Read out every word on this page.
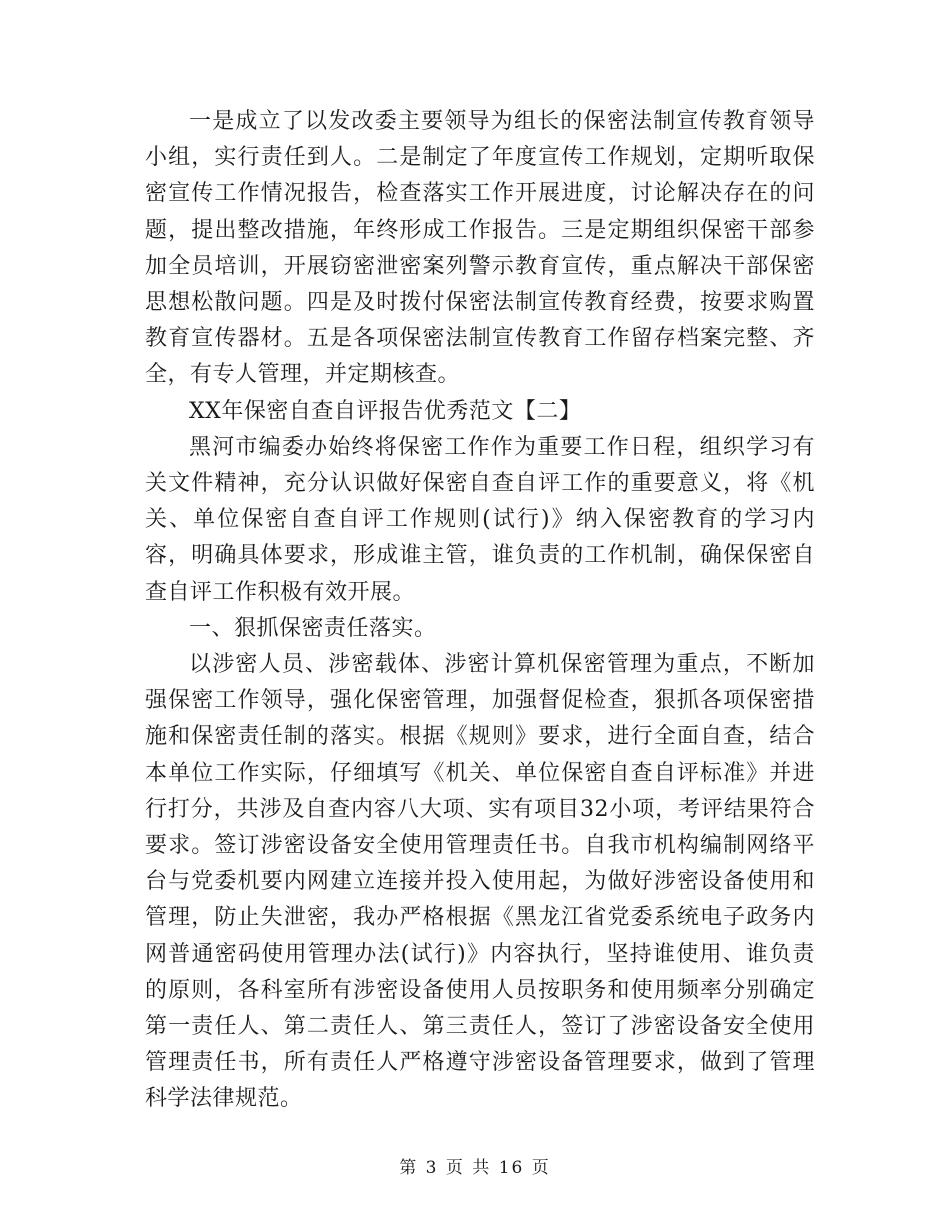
一是成立了以发改委主要领导为组长的保密法制宣传教育领导小组，实行责任到人。二是制定了年度宣传工作规划，定期听取保密宣传工作情况报告，检查落实工作开展进度，讨论解决存在的问题，提出整改措施，年终形成工作报告。三是定期组织保密干部参加全员培训，开展窃密泄密案列警示教育宣传，重点解决干部保密思想松散问题。四是及时拨付保密法制宣传教育经费，按要求购置教育宣传器材。五是各项保密法制宣传教育工作留存档案完整、齐全，有专人管理，并定期核查。

XX年保密自查自评报告优秀范文【二】

黑河市编委办始终将保密工作作为重要工作日程，组织学习有关文件精神，充分认识做好保密自查自评工作的重要意义，将《机关、单位保密自查自评工作规则(试行)》纳入保密教育的学习内容，明确具体要求，形成谁主管，谁负责的工作机制，确保保密自查自评工作积极有效开展。

一、狠抓保密责任落实。

以涉密人员、涉密载体、涉密计算机保密管理为重点，不断加强保密工作领导，强化保密管理，加强督促检查，狠抓各项保密措施和保密责任制的落实。根据《规则》要求，进行全面自查，结合本单位工作实际，仔细填写《机关、单位保密自查自评标准》并进行打分，共涉及自查内容八大项、实有项目32小项，考评结果符合要求。签订涉密设备安全使用管理责任书。自我市机构编制网络平台与党委机要内网建立连接并投入使用起，为做好涉密设备使用和管理，防止失泄密，我办严格根据《黑龙江省党委系统电子政务内网普通密码使用管理办法(试行)》内容执行，坚持谁使用、谁负责的原则，各科室所有涉密设备使用人员按职务和使用频率分别确定第一责任人、第二责任人、第三责任人，签订了涉密设备安全使用管理责任书，所有责任人严格遵守涉密设备管理要求，做到了管理科学法律规范。

第 3 页 共 16 页
